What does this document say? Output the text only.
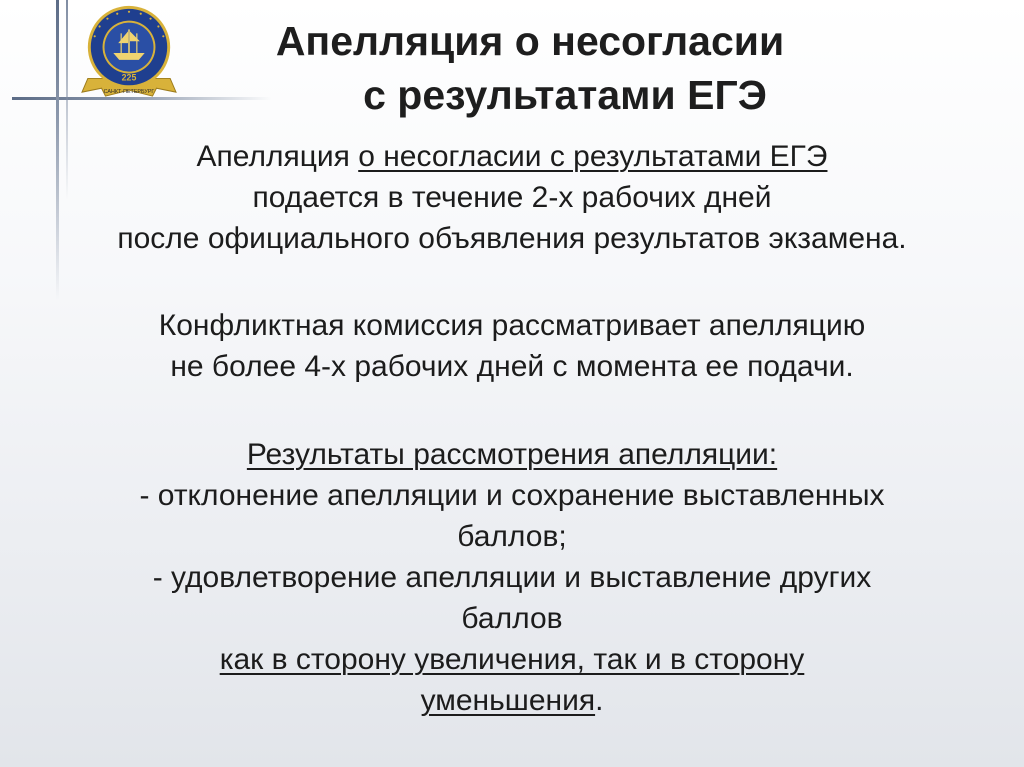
225
САНКТ-ПЕТЕРБУРГ
Апелляция о несогласии
с результатами ЕГЭ
Апелляция о несогласии с результатами ЕГЭ
подается в течение 2-х рабочих дней
после официального объявления результатов экзамена.
Конфликтная комиссия рассматривает апелляцию
не более 4-х рабочих дней с момента ее подачи.
Результаты рассмотрения апелляции:
- отклонение апелляции и сохранение выставленных
баллов;
- удовлетворение апелляции и выставление других
баллов
как в сторону увеличения, так и в сторону
уменьшения.
